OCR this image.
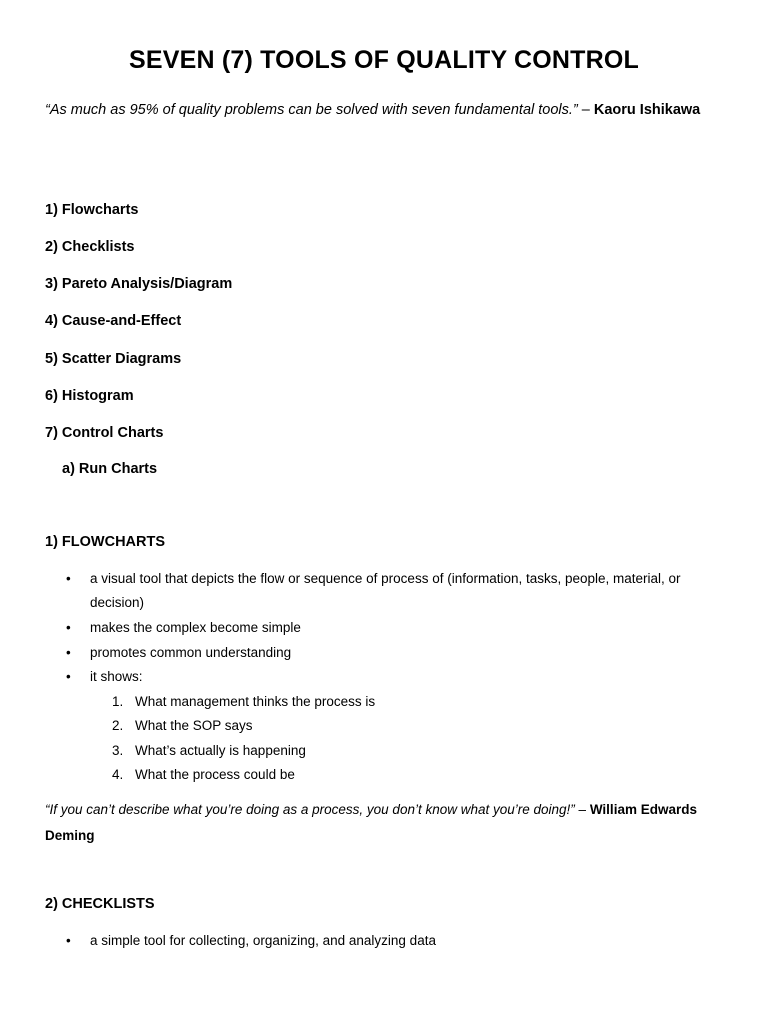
SEVEN (7) TOOLS OF QUALITY CONTROL

“As much as 95% of quality problems can be solved with seven fundamental tools.” – Kaoru Ishikawa

1) Flowcharts

2) Checklists

3) Pareto Analysis/Diagram

4) Cause-and-Effect

5) Scatter Diagrams

6) Histogram

7) Control Charts

a) Run Charts

1) FLOWCHARTS

• a visual tool that depicts the flow or sequence of process of (information, tasks, people, material, or decision)
• makes the complex become simple
• promotes common understanding
• it shows:
1. What management thinks the process is
2. What the SOP says
3. What’s actually is happening
4. What the process could be

“If you can’t describe what you’re doing as a process, you don’t know what you’re doing!” – William Edwards Deming

2) CHECKLISTS

• a simple tool for collecting, organizing, and analyzing data
